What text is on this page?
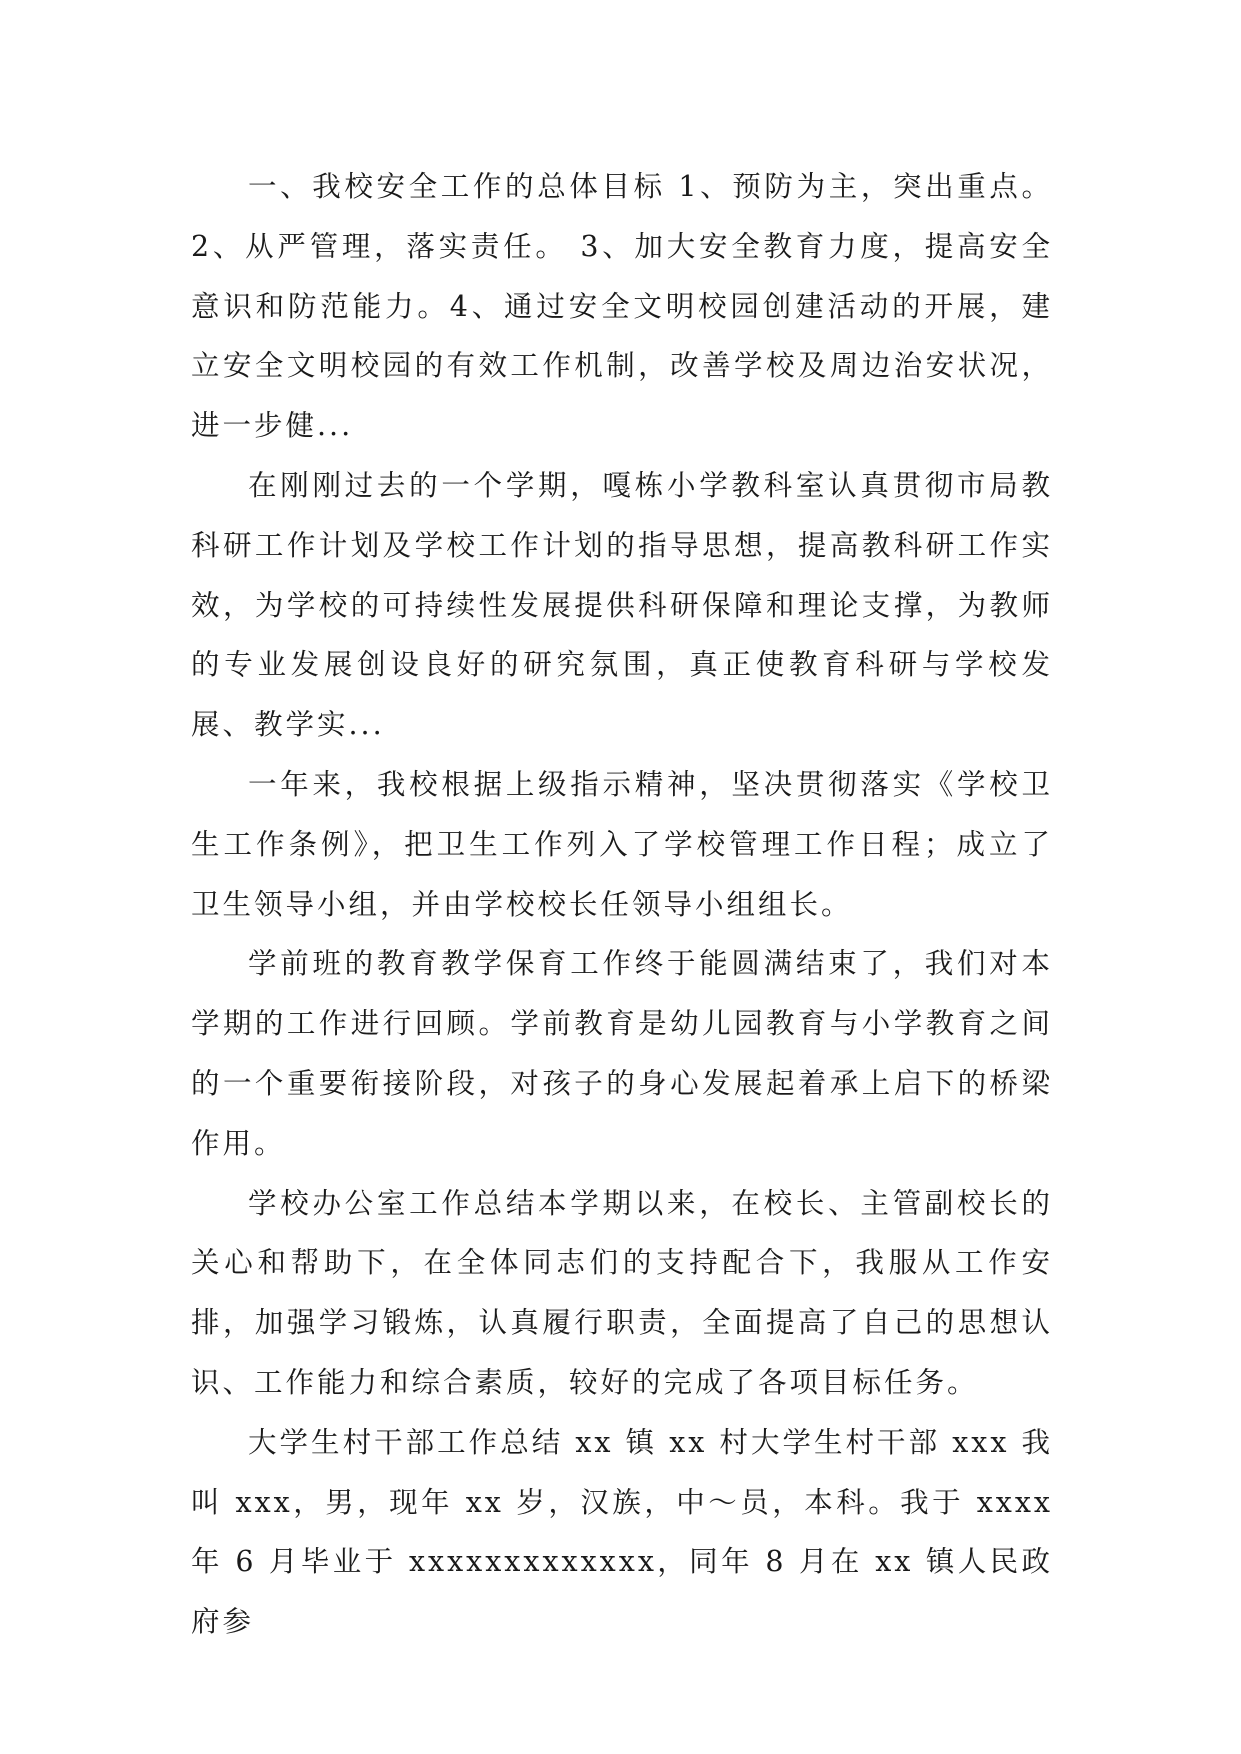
一、我校安全工作的总体目标 1、预防为主，突出重点。 2、从严管理，落实责任。 3、加大安全教育力度，提高安全意识和防范能力。4、通过安全文明校园创建活动的开展，建立安全文明校园的有效工作机制，改善学校及周边治安状况，进一步健...

在刚刚过去的一个学期，嘎栋小学教科室认真贯彻市局教科研工作计划及学校工作计划的指导思想，提高教科研工作实效，为学校的可持续性发展提供科研保障和理论支撑，为教师的专业发展创设良好的研究氛围，真正使教育科研与学校发展、教学实...

一年来，我校根据上级指示精神，坚决贯彻落实《学校卫生工作条例》，把卫生工作列入了学校管理工作日程；成立了卫生领导小组，并由学校校长任领导小组组长。

学前班的教育教学保育工作终于能圆满结束了，我们对本学期的工作进行回顾。学前教育是幼儿园教育与小学教育之间的一个重要衔接阶段，对孩子的身心发展起着承上启下的桥梁作用。

学校办公室工作总结本学期以来，在校长、主管副校长的关心和帮助下，在全体同志们的支持配合下，我服从工作安排，加强学习锻炼，认真履行职责，全面提高了自己的思想认识、工作能力和综合素质，较好的完成了各项目标任务。

大学生村干部工作总结 xx 镇 xx 村大学生村干部 xxx 我叫 xxx，男，现年 xx 岁，汉族，中～员，本科。我于 xxxx 年 6 月毕业于 xxxxxxxxxxxxx，同年 8 月在 xx 镇人民政府参
